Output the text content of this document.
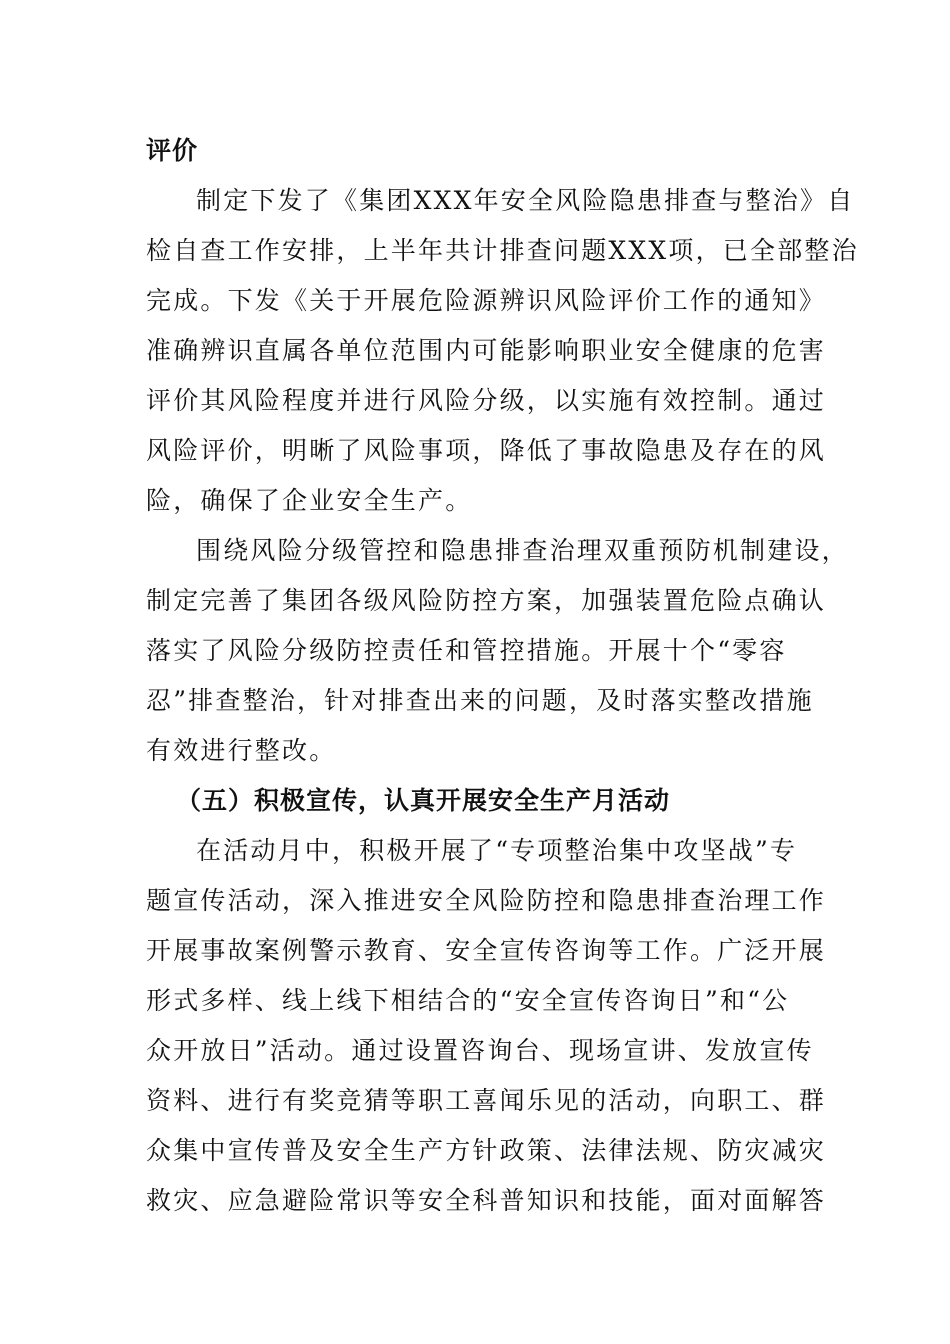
评价
制定下发了《集团XXX年安全风险隐患排查与整治》自
检自查工作安排，上半年共计排查问题XXX项，已全部整治
完成。下发《关于开展危险源辨识风险评价工作的通知》
准确辨识直属各单位范围内可能影响职业安全健康的危害
评价其风险程度并进行风险分级，以实施有效控制。通过
风险评价，明晰了风险事项，降低了事故隐患及存在的风
险，确保了企业安全生产。
围绕风险分级管控和隐患排查治理双重预防机制建设，
制定完善了集团各级风险防控方案，加强装置危险点确认
落实了风险分级防控责任和管控措施。开展十个“零容
忍”排查整治，针对排查出来的问题，及时落实整改措施
有效进行整改。
（五）积极宣传，认真开展安全生产月活动
在活动月中，积极开展了“专项整治集中攻坚战”专
题宣传活动，深入推进安全风险防控和隐患排查治理工作
开展事故案例警示教育、安全宣传咨询等工作。广泛开展
形式多样、线上线下相结合的“安全宣传咨询日”和“公
众开放日”活动。通过设置咨询台、现场宣讲、发放宣传
资料、进行有奖竞猜等职工喜闻乐见的活动，向职工、群
众集中宣传普及安全生产方针政策、法律法规、防灾减灾
救灾、应急避险常识等安全科普知识和技能，面对面解答
